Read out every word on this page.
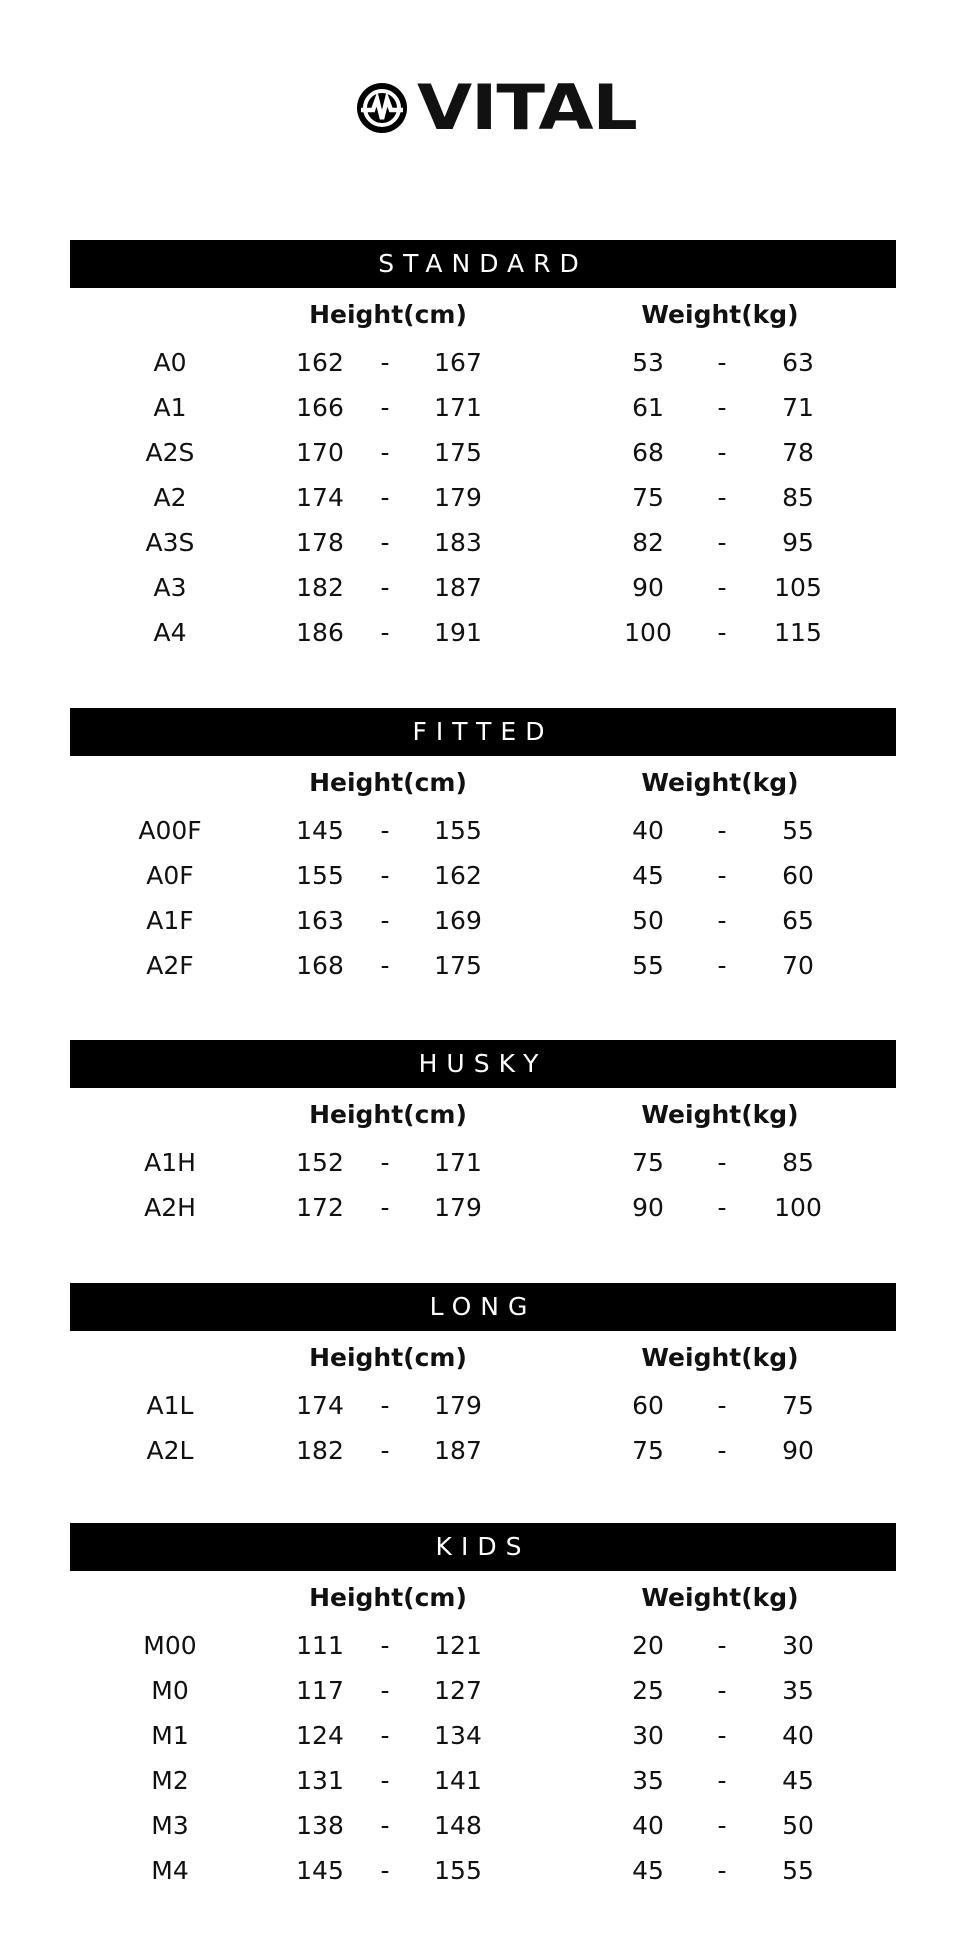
VITAL
STANDARD
Height(cm)	Weight(kg)
A0	162	-	167	53	-	63
A1	166	-	171	61	-	71
A2S	170	-	175	68	-	78
A2	174	-	179	75	-	85
A3S	178	-	183	82	-	95
A3	182	-	187	90	-	105
A4	186	-	191	100	-	115
FITTED
Height(cm)	Weight(kg)
A00F	145	-	155	40	-	55
A0F	155	-	162	45	-	60
A1F	163	-	169	50	-	65
A2F	168	-	175	55	-	70
HUSKY
Height(cm)	Weight(kg)
A1H	152	-	171	75	-	85
A2H	172	-	179	90	-	100
LONG
Height(cm)	Weight(kg)
A1L	174	-	179	60	-	75
A2L	182	-	187	75	-	90
KIDS
Height(cm)	Weight(kg)
M00	111	-	121	20	-	30
M0	117	-	127	25	-	35
M1	124	-	134	30	-	40
M2	131	-	141	35	-	45
M3	138	-	148	40	-	50
M4	145	-	155	45	-	55
